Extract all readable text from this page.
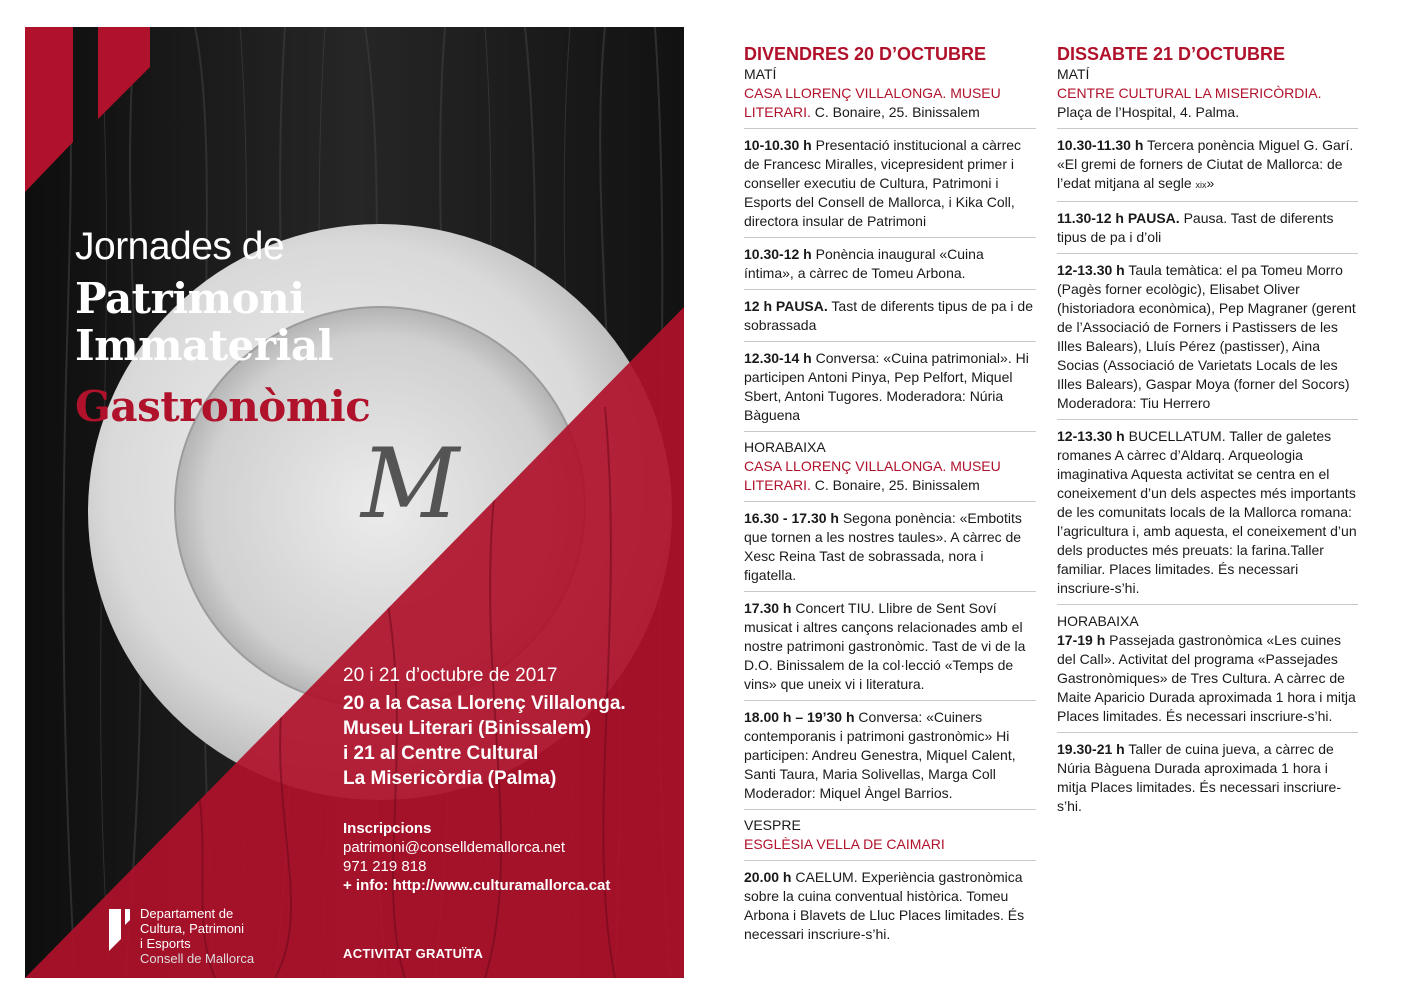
M
Jornades de
Patrimoni
Immaterial
Gastronòmic
20 i 21 d’octubre de 2017
20 a la Casa Llorenç Villalonga.
Museu Literari (Binissalem)
i 21 al Centre Cultural
La Misericòrdia (Palma)
Inscripcions
patrimoni@conselldemallorca.net
971 219 818
+ info: http://www.culturamallorca.cat
ACTIVITAT GRATUÏTA
Departament de
Cultura, Patrimoni
i Esports
Consell de Mallorca
DIVENDRES 20 D’OCTUBRE
MATÍ
CASA LLORENÇ VILLALONGA. MUSEU LITERARI. C. Bonaire, 25. Binissalem
10-10.30 h Presentació institucional a càrrec de Francesc Miralles, vicepresident primer i conseller executiu de Cultura, Patrimoni i Esports del Consell de Mallorca, i Kika Coll, directora insular de Patrimoni
10.30-12 h Ponència inaugural «Cuina íntima», a càrrec de Tomeu Arbona.
12 h PAUSA. Tast de diferents tipus de pa i de sobrassada
12.30-14 h Conversa: «Cuina patrimonial». Hi participen Antoni Pinya, Pep Pelfort, Miquel Sbert, Antoni Tugores. Moderadora: Núria Bàguena
HORABAIXA
CASA LLORENÇ VILLALONGA. MUSEU LITERARI. C. Bonaire, 25. Binissalem
16.30 - 17.30 h Segona ponència: «Embotits que tornen a les nostres taules». A càrrec de Xesc Reina Tast de sobrassada, nora i figatella.
17.30 h Concert TIU. Llibre de Sent Soví musicat i altres cançons relacionades amb el nostre patrimoni gastronòmic. Tast de vi de la D.O. Binissalem de la col·lecció «Temps de vins» que uneix vi i literatura.
18.00 h – 19’30 h Conversa: «Cuiners contemporanis i patrimoni gastronòmic» Hi participen: Andreu Genestra, Miquel Calent, Santi Taura, Maria Solivellas, Marga Coll Moderador: Miquel Àngel Barrios.
VESPRE
ESGLÈSIA VELLA DE CAIMARI
20.00 h CAELUM. Experiència gastronòmica sobre la cuina conventual històrica. Tomeu Arbona i Blavets de Lluc Places limitades. És necessari inscriure-s’hi.
DISSABTE 21 D’OCTUBRE
MATÍ
CENTRE CULTURAL LA MISERICÒRDIA.
Plaça de l’Hospital, 4. Palma.
10.30-11.30 h Tercera ponència Miguel G. Garí. «El gremi de forners de Ciutat de Mallorca: de l’edat mitjana al segle xix»
11.30-12 h PAUSA. Pausa. Tast de diferents tipus de pa i d’oli
12-13.30 h Taula temàtica: el pa Tomeu Morro (Pagès forner ecològic), Elisabet Oliver (historiadora econòmica), Pep Magraner (gerent de l’Associació de Forners i Pastissers de les Illes Balears), Lluís Pérez (pastisser), Aina Socias (Associació de Varietats Locals de les Illes Balears), Gaspar Moya (forner del Socors) Moderadora: Tiu Herrero
12-13.30 h BUCELLATUM. Taller de galetes romanes A càrrec d’Aldarq. Arqueologia imaginativa Aquesta activitat se centra en el coneixement d’un dels aspectes més importants de les comunitats locals de la Mallorca romana: l’agricultura i, amb aquesta, el coneixement d’un dels productes més preuats: la farina.Taller familiar. Places limitades. És necessari inscriure-s’hi.
HORABAIXA
17-19 h Passejada gastronòmica «Les cuines del Call». Activitat del programa «Passejades Gastronòmiques» de Tres Cultura. A càrrec de Maite Aparicio Durada aproximada 1 hora i mitja Places limitades. És necessari inscriure-s’hi.
19.30-21 h Taller de cuina jueva, a càrrec de Núria Bàguena Durada aproximada 1 hora i mitja Places limitades. És necessari inscriure-s’hi.
